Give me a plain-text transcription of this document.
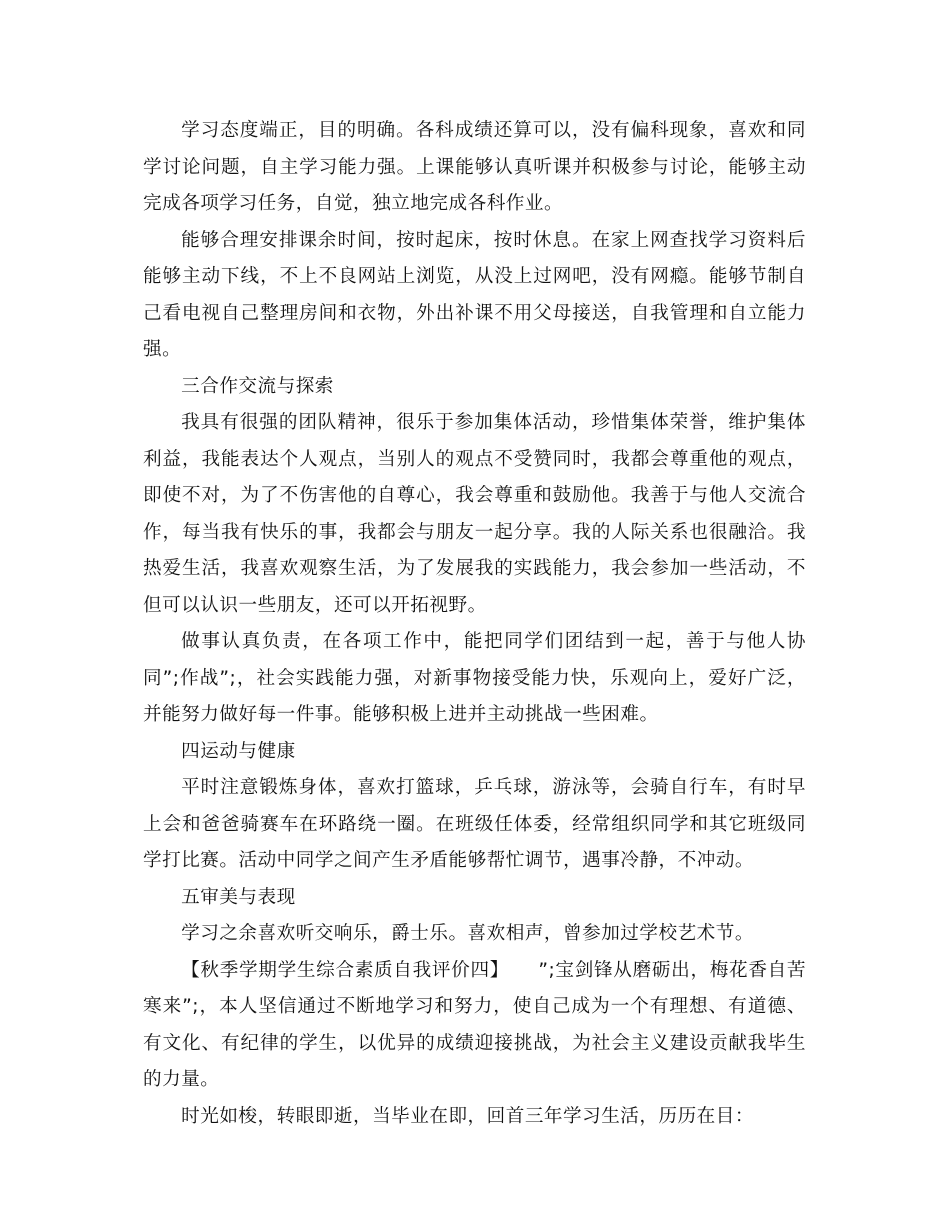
学习态度端正，目的明确。各科成绩还算可以，没有偏科现象，喜欢和同学讨论问题，自主学习能力强。上课能够认真听课并积极参与讨论，能够主动完成各项学习任务，自觉，独立地完成各科作业。

能够合理安排课余时间，按时起床，按时休息。在家上网查找学习资料后能够主动下线，不上不良网站上浏览，从没上过网吧，没有网瘾。能够节制自己看电视自己整理房间和衣物，外出补课不用父母接送，自我管理和自立能力强。

三合作交流与探索

我具有很强的团队精神，很乐于参加集体活动，珍惜集体荣誉，维护集体利益，我能表达个人观点，当别人的观点不受赞同时，我都会尊重他的观点，即使不对，为了不伤害他的自尊心，我会尊重和鼓励他。我善于与他人交流合作，每当我有快乐的事，我都会与朋友一起分享。我的人际关系也很融洽。我热爱生活，我喜欢观察生活，为了发展我的实践能力，我会参加一些活动，不但可以认识一些朋友，还可以开拓视野。

做事认真负责，在各项工作中，能把同学们团结到一起，善于与他人协同”;作战”;，社会实践能力强，对新事物接受能力快，乐观向上，爱好广泛，并能努力做好每一件事。能够积极上进并主动挑战一些困难。

四运动与健康

平时注意锻炼身体，喜欢打篮球，乒乓球，游泳等，会骑自行车，有时早上会和爸爸骑赛车在环路绕一圈。在班级任体委，经常组织同学和其它班级同学打比赛。活动中同学之间产生矛盾能够帮忙调节，遇事冷静，不冲动。

五审美与表现

学习之余喜欢听交响乐，爵士乐。喜欢相声，曾参加过学校艺术节。

【秋季学期学生综合素质自我评价四】　　”;宝剑锋从磨砺出，梅花香自苦寒来”;，本人坚信通过不断地学习和努力，使自己成为一个有理想、有道德、有文化、有纪律的学生，以优异的成绩迎接挑战，为社会主义建设贡献我毕生的力量。

时光如梭，转眼即逝，当毕业在即，回首三年学习生活，历历在目：
